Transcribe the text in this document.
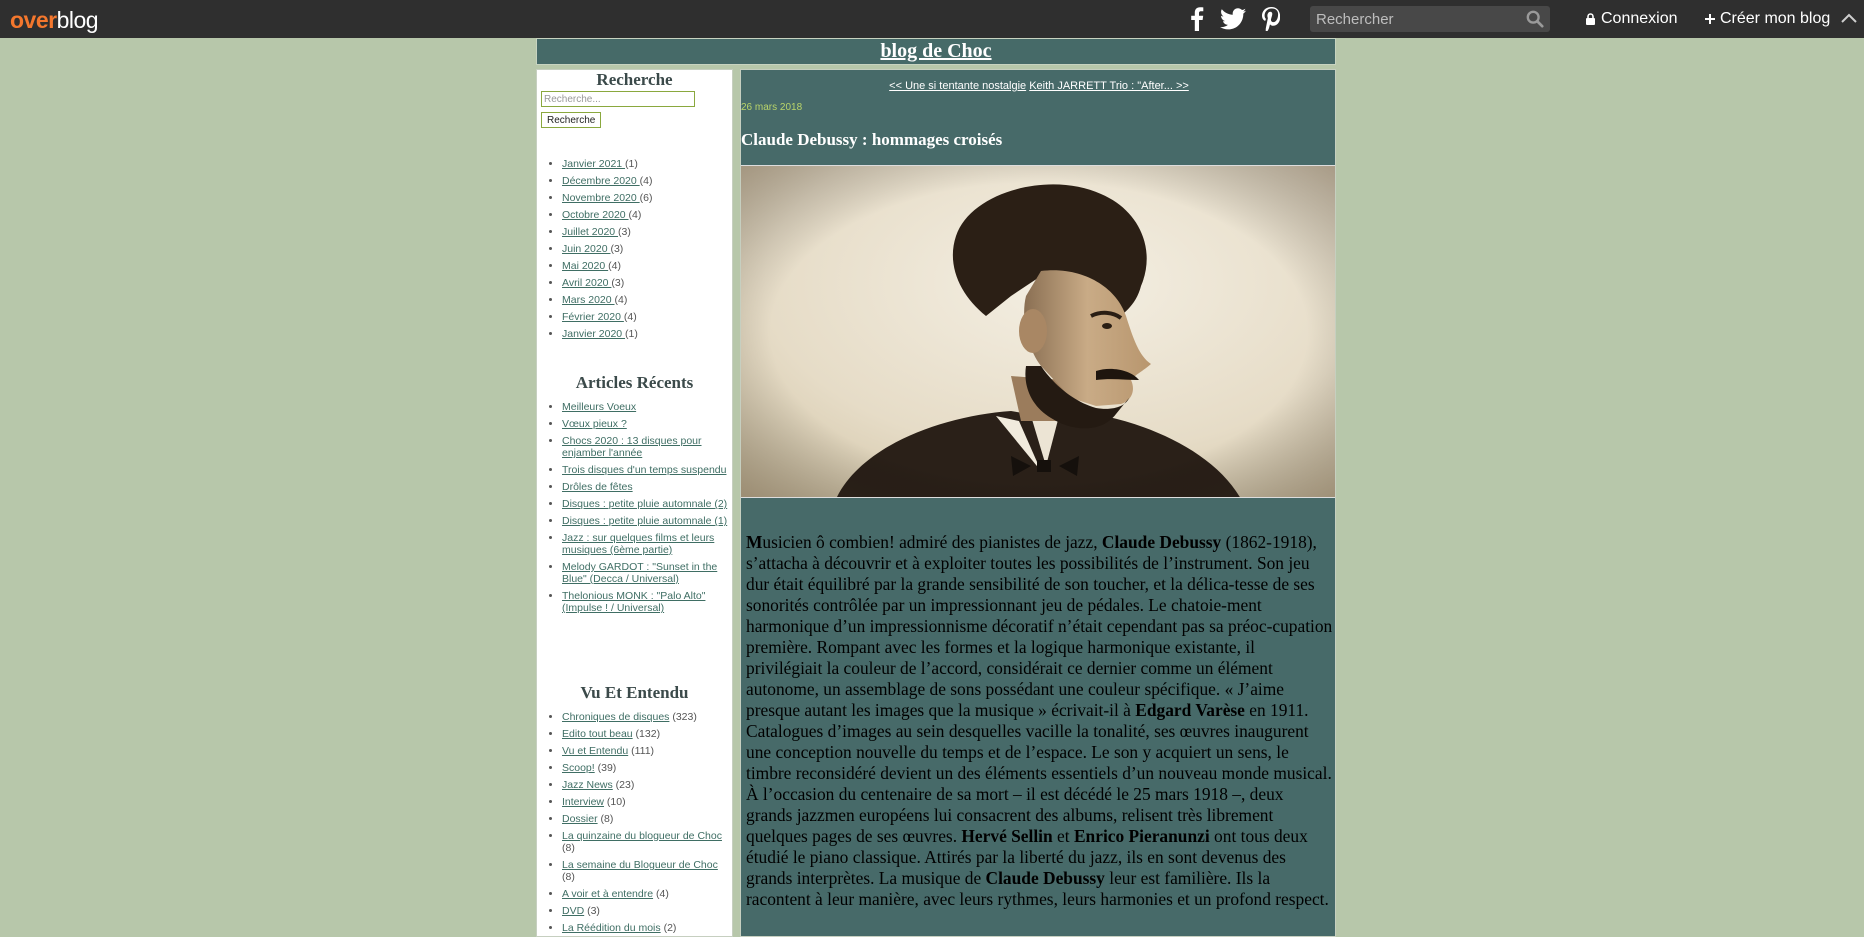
overblog
Rechercher	Connexion	Créer mon blog
blog de Choc
Recherche
Recherche...
Recherche
• Janvier 2021 (1)
• Décembre 2020 (4)
• Novembre 2020 (6)
• Octobre 2020 (4)
• Juillet 2020 (3)
• Juin 2020 (3)
• Mai 2020 (4)
• Avril 2020 (3)
• Mars 2020 (4)
• Février 2020 (4)
• Janvier 2020 (1)
Articles Récents
• Meilleurs Voeux
• Vœux pieux ?
• Chocs 2020 : 13 disques pour enjamber l'année
• Trois disques d'un temps suspendu
• Drôles de fêtes
• Disques : petite pluie automnale (2)
• Disques : petite pluie automnale (1)
• Jazz : sur quelques films et leurs musiques (6ème partie)
• Melody GARDOT : "Sunset in the Blue" (Decca / Universal)
• Thelonious MONK : "Palo Alto" (Impulse ! / Universal)
Vu Et Entendu
• Chroniques de disques (323)
• Edito tout beau (132)
• Vu et Entendu (111)
• Scoop! (39)
• Jazz News (23)
• Interview (10)
• Dossier (8)
• La quinzaine du blogueur de Choc (8)
• La semaine du Blogueur de Choc (8)
• A voir et à entendre (4)
• DVD (3)
• La Réédition du mois (2)
<< Une si tentante nostalgie Keith JARRETT Trio : "After... >>
26 mars 2018
Claude Debussy : hommages croisés

Musicien ô combien! admiré des pianistes de jazz, Claude Debussy (1862-1918), s’attacha à découvrir et à exploiter toutes les possibilités de l’instrument. Son jeu dur était équilibré par la grande sensibilité de son toucher, et la délica-tesse de ses sonorités contrôlée par un impressionnant jeu de pédales. Le chatoie-ment harmonique d’un impressionnisme décoratif n’était cependant pas sa préoc-cupation première. Rompant avec les formes et la logique harmonique existante, il privilégiait la couleur de l’accord, considérait ce dernier comme un élément autonome, un assemblage de sons possédant une couleur spécifique. « J’aime presque autant les images que la musique » écrivait-il à Edgard Varèse en 1911. Catalogues d’images au sein desquelles vacille la tonalité, ses œuvres inaugurent une conception nouvelle du temps et de l’espace. Le son y acquiert un sens, le timbre reconsidéré devient un des éléments essentiels d’un nouveau monde musical. À l’occasion du centenaire de sa mort – il est décédé le 25 mars 1918 –, deux grands jazzmen européens lui consacrent des albums, relisent très librement quelques pages de ses œuvres. Hervé Sellin et Enrico Pieranunzi ont tous deux étudié le piano classique. Attirés par la liberté du jazz, ils en sont devenus des grands interprètes. La musique de Claude Debussy leur est familière. Ils la racontent à leur manière, avec leurs rythmes, leurs harmonies et un profond respect.
